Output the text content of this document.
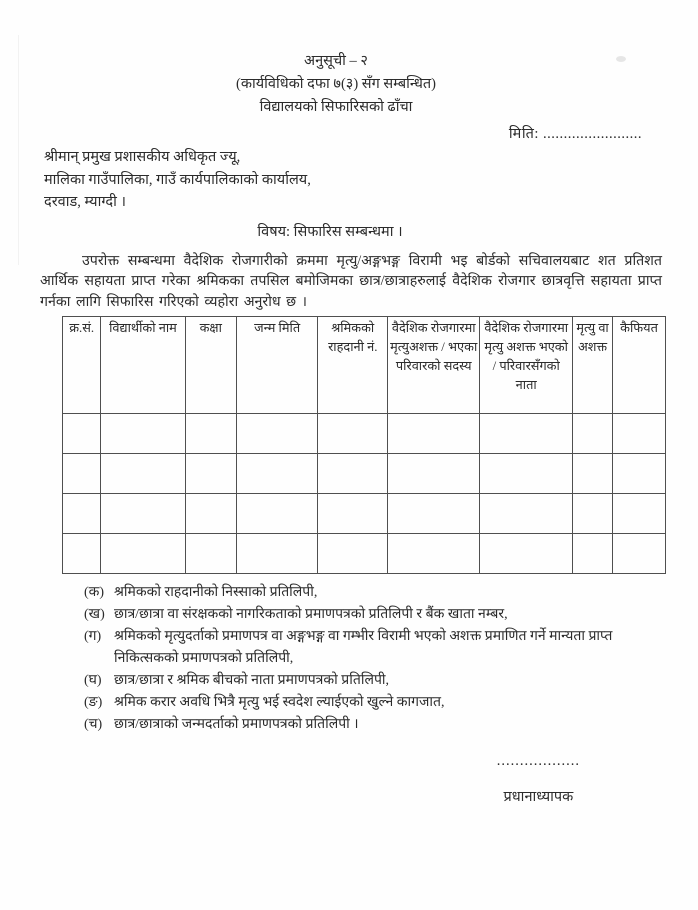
अनुसूची – २
(कार्यविधिको दफा ७(३) सँग सम्बन्धित)
विद्यालयको सिफारिसको ढाँचा
मिति: ........................
श्रीमान् प्रमुख प्रशासकीय अधिकृत ज्यू,
मालिका गाउँपालिका, गाउँ कार्यपालिकाको कार्यालय,
दरवाड, म्याग्दी ।
विषय: सिफारिस सम्बन्धमा ।

उपरोक्त सम्बन्धमा वैदेशिक रोजगारीको क्रममा मृत्यु/अङ्गभङ्ग विरामी भइ बोर्डको सचिवालयबाट शत प्रतिशत आर्थिक सहायता प्राप्त गरेका श्रमिकका तपसिल बमोजिमका छात्र/छात्राहरुलाई वैदेशिक रोजगार छात्रवृत्ति सहायता प्राप्त गर्नका लागि सिफारिस गरिएको व्यहोरा अनुरोध छ ।

क्र.सं.	विद्यार्थीको नाम	कक्षा	जन्म मिति	श्रमिकको राहदानी नं.	वैदेशिक रोजगारमा मृत्युअशक्त / भएका परिवारको सदस्य	वैदेशिक रोजगारमा मृत्यु अशक्त भएको / परिवारसँगको नाता	मृत्यु वा अशक्त	कैफियत

(क) श्रमिकको राहदानीको निस्साको प्रतिलिपी,
(ख) छात्र/छात्रा वा संरक्षकको नागरिकताको प्रमाणपत्रको प्रतिलिपी र बैंक खाता नम्बर,
(ग) श्रमिकको मृत्युदर्ताको प्रमाणपत्र वा अङ्गभङ्ग वा गम्भीर विरामी भएको अशक्त प्रमाणित गर्ने मान्यता प्राप्त निकित्सकको प्रमाणपत्रको प्रतिलिपी,
(घ) छात्र/छात्रा र श्रमिक बीचको नाता प्रमाणपत्रको प्रतिलिपी,
(ङ) श्रमिक करार अवधि भित्रै मृत्यु भई स्वदेश ल्याईएको खुल्ने कागजात,
(च) छात्र/छात्राको जन्मदर्ताको प्रमाणपत्रको प्रतिलिपी ।
..................
प्रधानाध्यापक
